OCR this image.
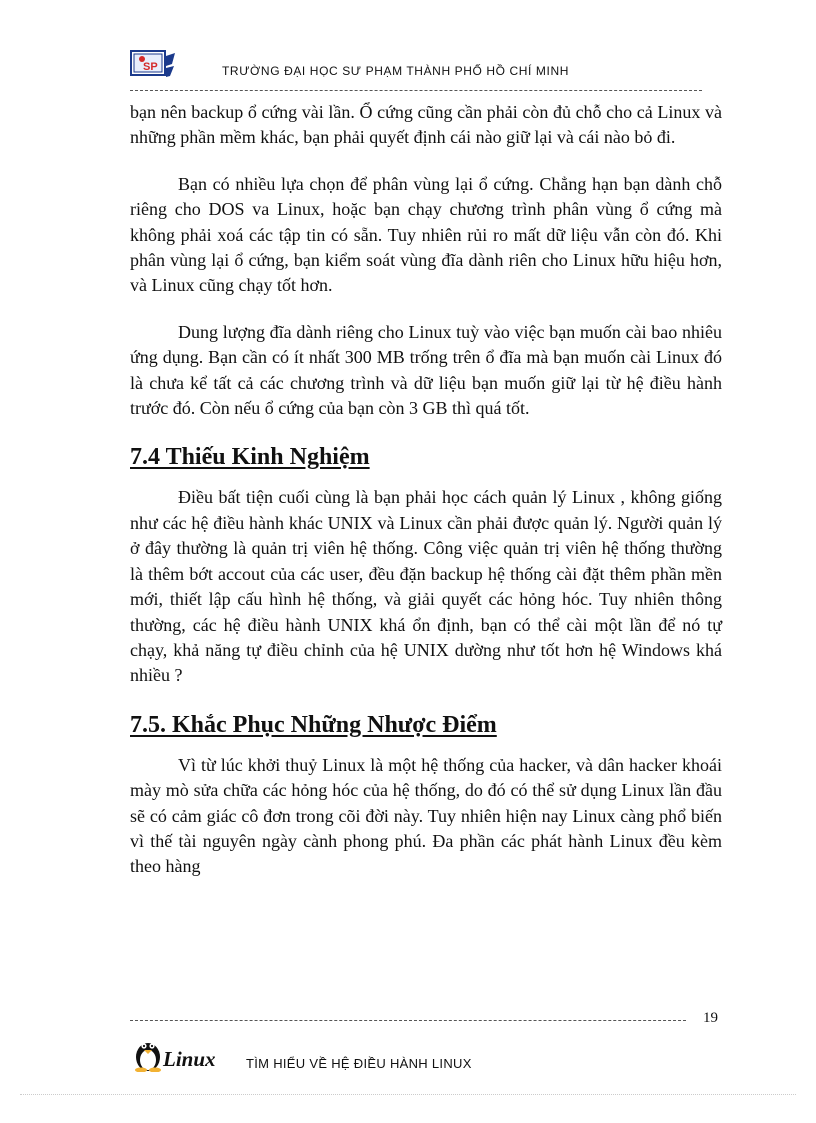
SP	TRƯỜNG ĐẠI HỌC SƯ PHẠM THÀNH PHỐ HỒ CHÍ MINH

bạn nên backup ổ cứng vài lần. Ổ cứng cũng cần phải còn đủ chỗ cho cả Linux và những phần mềm khác, bạn phải quyết định cái nào giữ lại và cái nào bỏ đi.

Bạn có nhiều lựa chọn để phân vùng lại ổ cứng. Chẳng hạn bạn dành chỗ riêng cho DOS va Linux, hoặc bạn chạy chương trình phân vùng ổ cứng mà không phải xoá các tập tin có sẵn. Tuy nhiên rủi ro mất dữ liệu vẫn còn đó. Khi phân vùng lại ổ cứng, bạn kiểm soát vùng đĩa dành riên cho Linux hữu hiệu hơn, và Linux cũng chạy tốt hơn.

Dung lượng đĩa dành riêng cho Linux tuỳ vào việc bạn muốn cài bao nhiêu ứng dụng. Bạn cần có ít nhất 300 MB trống trên ổ đĩa mà bạn muốn cài Linux đó là chưa kể tất cả các chương trình và dữ liệu bạn muốn giữ lại từ hệ điều hành trước đó. Còn nếu ổ cứng của bạn còn 3 GB thì quá tốt.

7.4 Thiếu Kinh Nghiệm

Điều bất tiện cuối cùng là bạn phải học cách quản lý Linux , không giống như các hệ điều hành khác UNIX và Linux cần phải được quản lý. Người quản lý ở đây thường là quản trị viên hệ thống. Công việc quản trị viên hệ thống thường là thêm bớt accout của các user, đều đặn backup hệ thống cài đặt thêm phần mền mới, thiết lập cấu hình hệ thống, và giải quyết các hỏng hóc. Tuy nhiên thông thường, các hệ điều hành UNIX khá ổn định, bạn có thể cài một lần để nó tự chạy, khả năng tự điều chỉnh của hệ UNIX dường như tốt hơn hệ Windows khá nhiều ?

7.5. Khắc Phục Những Nhược Điểm

Vì từ lúc khởi thuỷ Linux là một hệ thống của hacker, và dân hacker khoái mày mò sửa chữa các hỏng hóc của hệ thống, do đó có thể sử dụng Linux lần đầu sẽ có cảm giác cô đơn trong cõi đời này. Tuy nhiên hiện nay Linux càng phổ biến vì thế tài nguyên ngày cành phong phú. Đa phần các phát hành Linux đều kèm theo hàng

19
Linux TÌM HIỂU VỀ HỆ ĐIỀU HÀNH LINUX
